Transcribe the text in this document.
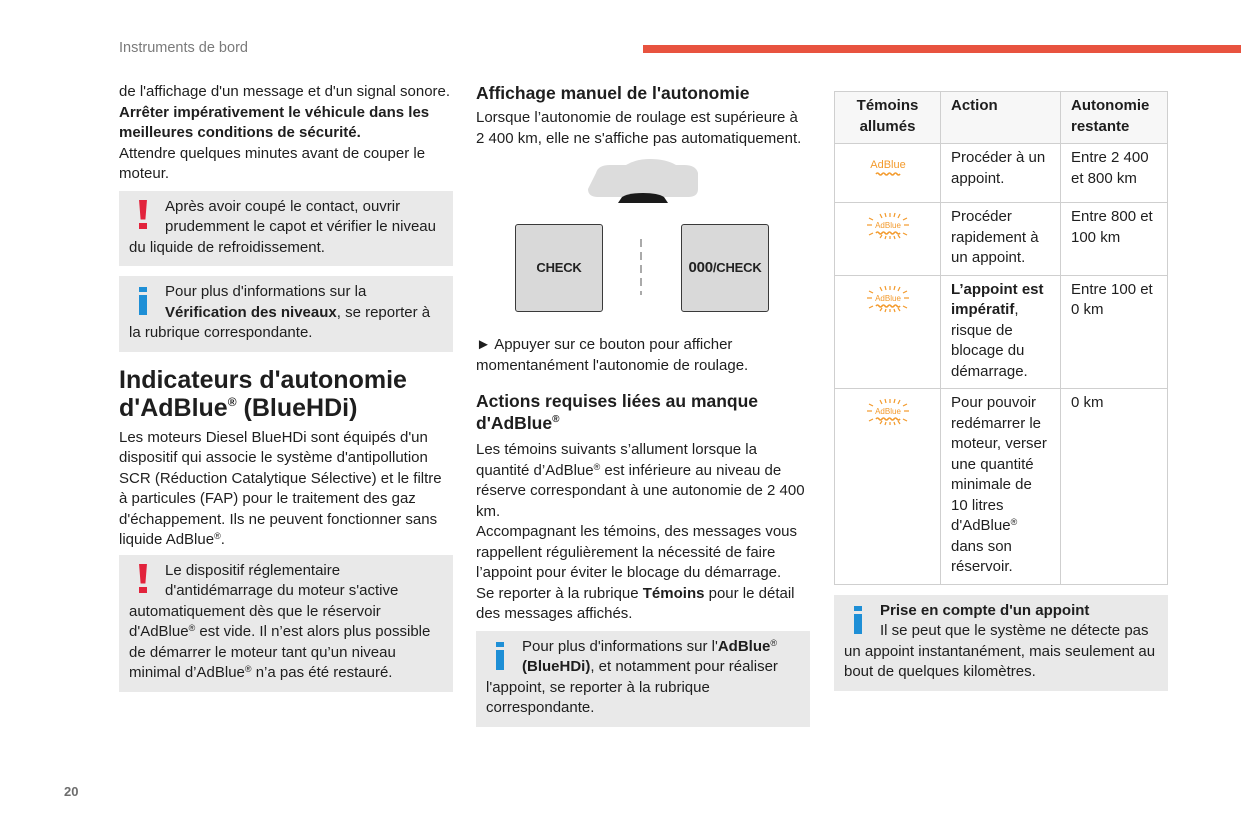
Instruments de bord

de l'affichage d'un message et d'un signal sonore.

Arrêter impérativement le véhicule dans les meilleures conditions de sécurité.

Attendre quelques minutes avant de couper le moteur.

Après avoir coupé le contact, ouvrir prudemment le capot et vérifier le niveau du liquide de refroidissement.

Pour plus d'informations sur la Vérification des niveaux, se reporter à la rubrique correspondante.

Indicateurs d'autonomie d'AdBlue® (BlueHDi)

Les moteurs Diesel BlueHDi sont équipés d'un dispositif qui associe le système d'antipollution SCR (Réduction Catalytique Sélective) et le filtre à particules (FAP) pour le traitement des gaz d'échappement. Ils ne peuvent fonctionner sans liquide AdBlue®.

Le dispositif réglementaire d'antidémarrage du moteur s'active automatiquement dès que le réservoir d'AdBlue® est vide. Il n’est alors plus possible de démarrer le moteur tant qu’un niveau minimal d’AdBlue® n’a pas été restauré.

Affichage manuel de l'autonomie

Lorsque l’autonomie de roulage est supérieure à 2 400 km, elle ne s'affiche pas automatiquement.

CHECK	000 /CHECK

► Appuyer sur ce bouton pour afficher momentanément l'autonomie de roulage.

Actions requises liées au manque d'AdBlue®

Les témoins suivants s’allument lorsque la quantité d’AdBlue® est inférieure au niveau de réserve correspondant à une autonomie de 2 400 km.

Accompagnant les témoins, des messages vous rappellent régulièrement la nécessité de faire l’appoint pour éviter le blocage du démarrage.

Se reporter à la rubrique Témoins pour le détail des messages affichés.

Pour plus d'informations sur l'AdBlue® (BlueHDi), et notamment pour réaliser l'appoint, se reporter à la rubrique correspondante.

Témoins allumés	Action	Autonomie restante

AdBlue	Procéder à un appoint.	Entre 2 400 et 800 km

AdBlue	Procéder rapidement à un appoint.	Entre 800 et 100 km

AdBlue	L’appoint est impératif, risque de blocage du démarrage.	Entre 100 et 0 km

AdBlue	Pour pouvoir redémarrer le moteur, verser une quantité minimale de 10 litres d'AdBlue® dans son réservoir.	0 km

Prise en compte d'un appoint

Il se peut que le système ne détecte pas un appoint instantanément, mais seulement au bout de quelques kilomètres.

20
